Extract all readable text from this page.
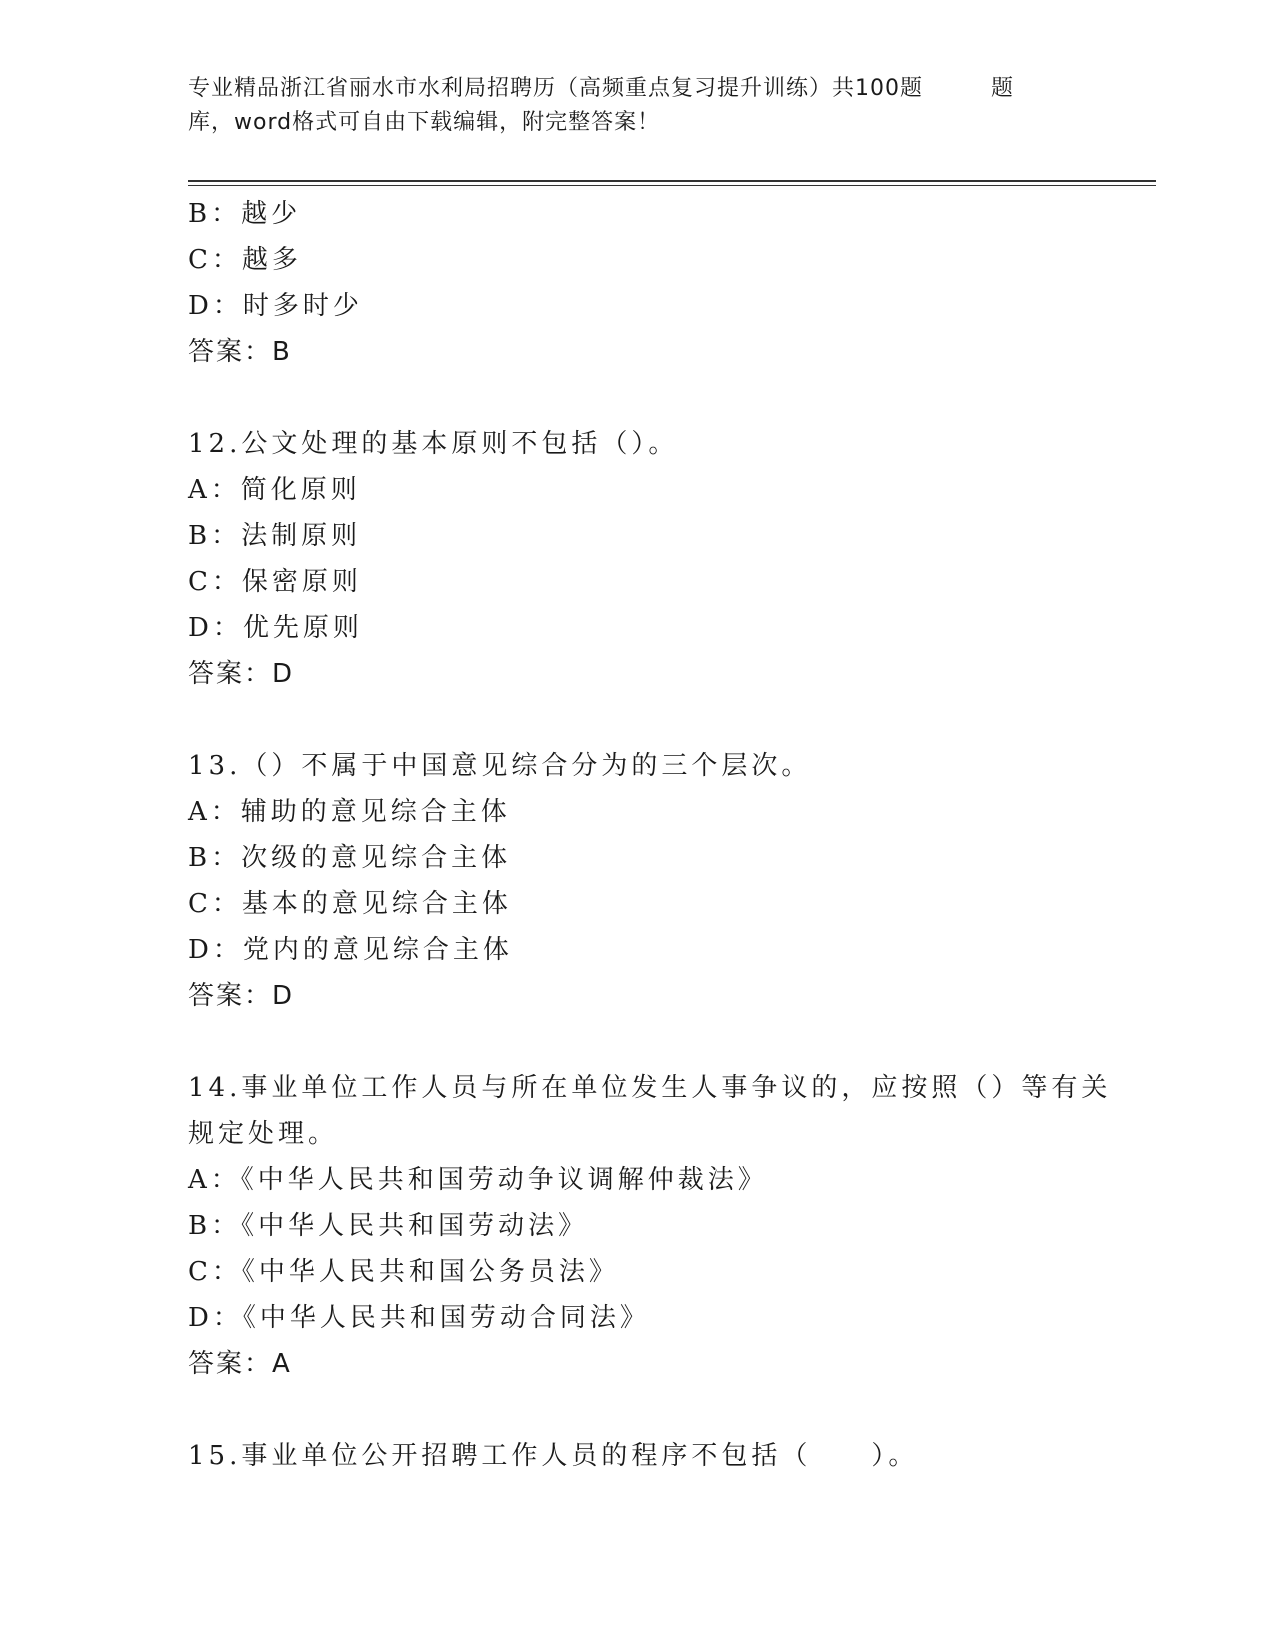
专业精品浙江省丽水市水利局招聘历（高频重点复习提升训练）共100题	题
库，word格式可自由下载编辑，附完整答案！
B：越少
C：越多
D：时多时少
答案：B
12.公文处理的基本原则不包括（）。
A：简化原则
B：法制原则
C：保密原则
D：优先原则
答案：D
13.（）不属于中国意见综合分为的三个层次。
A：辅助的意见综合主体
B：次级的意见综合主体
C：基本的意见综合主体
D：党内的意见综合主体
答案：D
14.事业单位工作人员与所在单位发生人事争议的，应按照（）等有关
规定处理。
A：《中华人民共和国劳动争议调解仲裁法》
B：《中华人民共和国劳动法》
C：《中华人民共和国公务员法》
D：《中华人民共和国劳动合同法》
答案：A
15.事业单位公开招聘工作人员的程序不包括（　　）。
